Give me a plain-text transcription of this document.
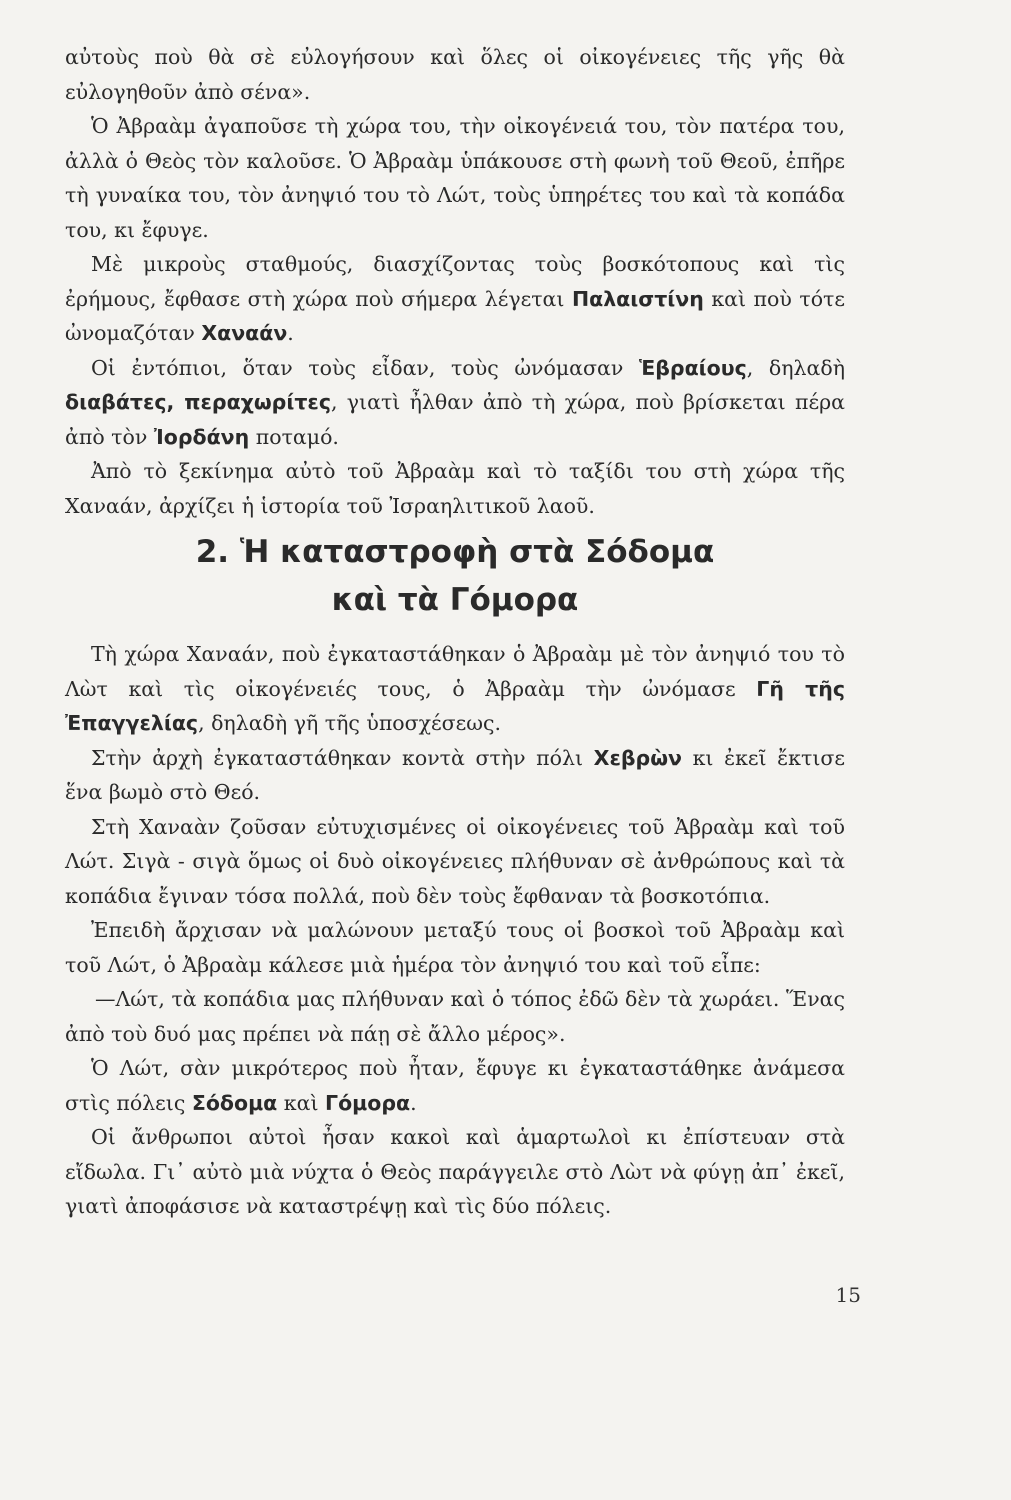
αὐτοὺς ποὺ θὰ σὲ εὐλογήσουν καὶ ὅλες οἱ οἰκογένειες τῆς γῆς θὰ εὐλογηθοῦν ἀπὸ σένα».

Ὁ Ἀβραὰμ ἀγαποῦσε τὴ χώρα του, τὴν οἰκογένειά του, τὸν πατέρα του, ἀλλὰ ὁ Θεὸς τὸν καλοῦσε. Ὁ Ἀβραὰμ ὑπάκουσε στὴ φωνὴ τοῦ Θεοῦ, ἐπῆρε τὴ γυναίκα του, τὸν ἀνηψιό του τὸ Λώτ, τοὺς ὑπηρέτες του καὶ τὰ κοπάδα του, κι ἔφυγε.

Μὲ μικροὺς σταθμούς, διασχίζοντας τοὺς βοσκότοπους καὶ τὶς ἐρήμους, ἔφθασε στὴ χώρα ποὺ σήμερα λέγεται Παλαιστίνη καὶ ποὺ τότε ὠνομαζόταν Χαναάν.

Οἱ ἐντόπιοι, ὅταν τοὺς εἶδαν, τοὺς ὠνόμασαν Ἑβραίους, δηλαδὴ διαβάτες, περαχωρίτες, γιατὶ ἦλθαν ἀπὸ τὴ χώρα, ποὺ βρίσκεται πέρα ἀπὸ τὸν Ἰορδάνη ποταμό.

Ἀπὸ τὸ ξεκίνημα αὐτὸ τοῦ Ἀβραὰμ καὶ τὸ ταξίδι του στὴ χώρα τῆς Χαναάν, ἀρχίζει ἡ ἱστορία τοῦ Ἰσραηλιτικοῦ λαοῦ.

2. Ἡ καταστροφὴ στὰ Σόδομα
καὶ τὰ Γόμορα

Τὴ χώρα Χαναάν, ποὺ ἐγκαταστάθηκαν ὁ Ἀβραὰμ μὲ τὸν ἀνηψιό του τὸ Λὼτ καὶ τὶς οἰκογένειές τους, ὁ Ἀβραὰμ τὴν ὠνόμασε Γῆ τῆς Ἐπαγγελίας, δηλαδὴ γῆ τῆς ὑποσχέσεως.

Στὴν ἀρχὴ ἐγκαταστάθηκαν κοντὰ στὴν πόλι Χεβρὼν κι ἐκεῖ ἔκτισε ἕνα βωμὸ στὸ Θεό.

Στὴ Χαναὰν ζοῦσαν εὐτυχισμένες οἱ οἰκογένειες τοῦ Ἀβραὰμ καὶ τοῦ Λώτ. Σιγὰ - σιγὰ ὅμως οἱ δυὸ οἰκογένειες πλήθυναν σὲ ἀνθρώπους καὶ τὰ κοπάδια ἔγιναν τόσα πολλά, ποὺ δὲν τοὺς ἔφθαναν τὰ βοσκοτόπια.

Ἐπειδὴ ἄρχισαν νὰ μαλώνουν μεταξύ τους οἱ βοσκοὶ τοῦ Ἀβραὰμ καὶ τοῦ Λώτ, ὁ Ἀβραὰμ κάλεσε μιὰ ἡμέρα τὸν ἀνηψιό του καὶ τοῦ εἶπε:

—Λώτ, τὰ κοπάδια μας πλήθυναν καὶ ὁ τόπος ἐδῶ δὲν τὰ χωράει. Ἕνας ἀπὸ τοὺ δυό μας πρέπει νὰ πάῃ σὲ ἄλλο μέρος».

Ὁ Λώτ, σὰν μικρότερος ποὺ ἦταν, ἔφυγε κι ἐγκαταστάθηκε ἀνάμεσα στὶς πόλεις Σόδομα καὶ Γόμορα.

Οἱ ἄνθρωποι αὐτοὶ ἦσαν κακοὶ καὶ ἁμαρτωλοὶ κι ἐπίστευαν στὰ εἴδωλα. Γι᾿ αὐτὸ μιὰ νύχτα ὁ Θεὸς παράγγειλε στὸ Λὼτ νὰ φύγῃ ἀπ᾿ ἐκεῖ, γιατὶ ἀποφάσισε νὰ καταστρέψῃ καὶ τὶς δύο πόλεις.

15
